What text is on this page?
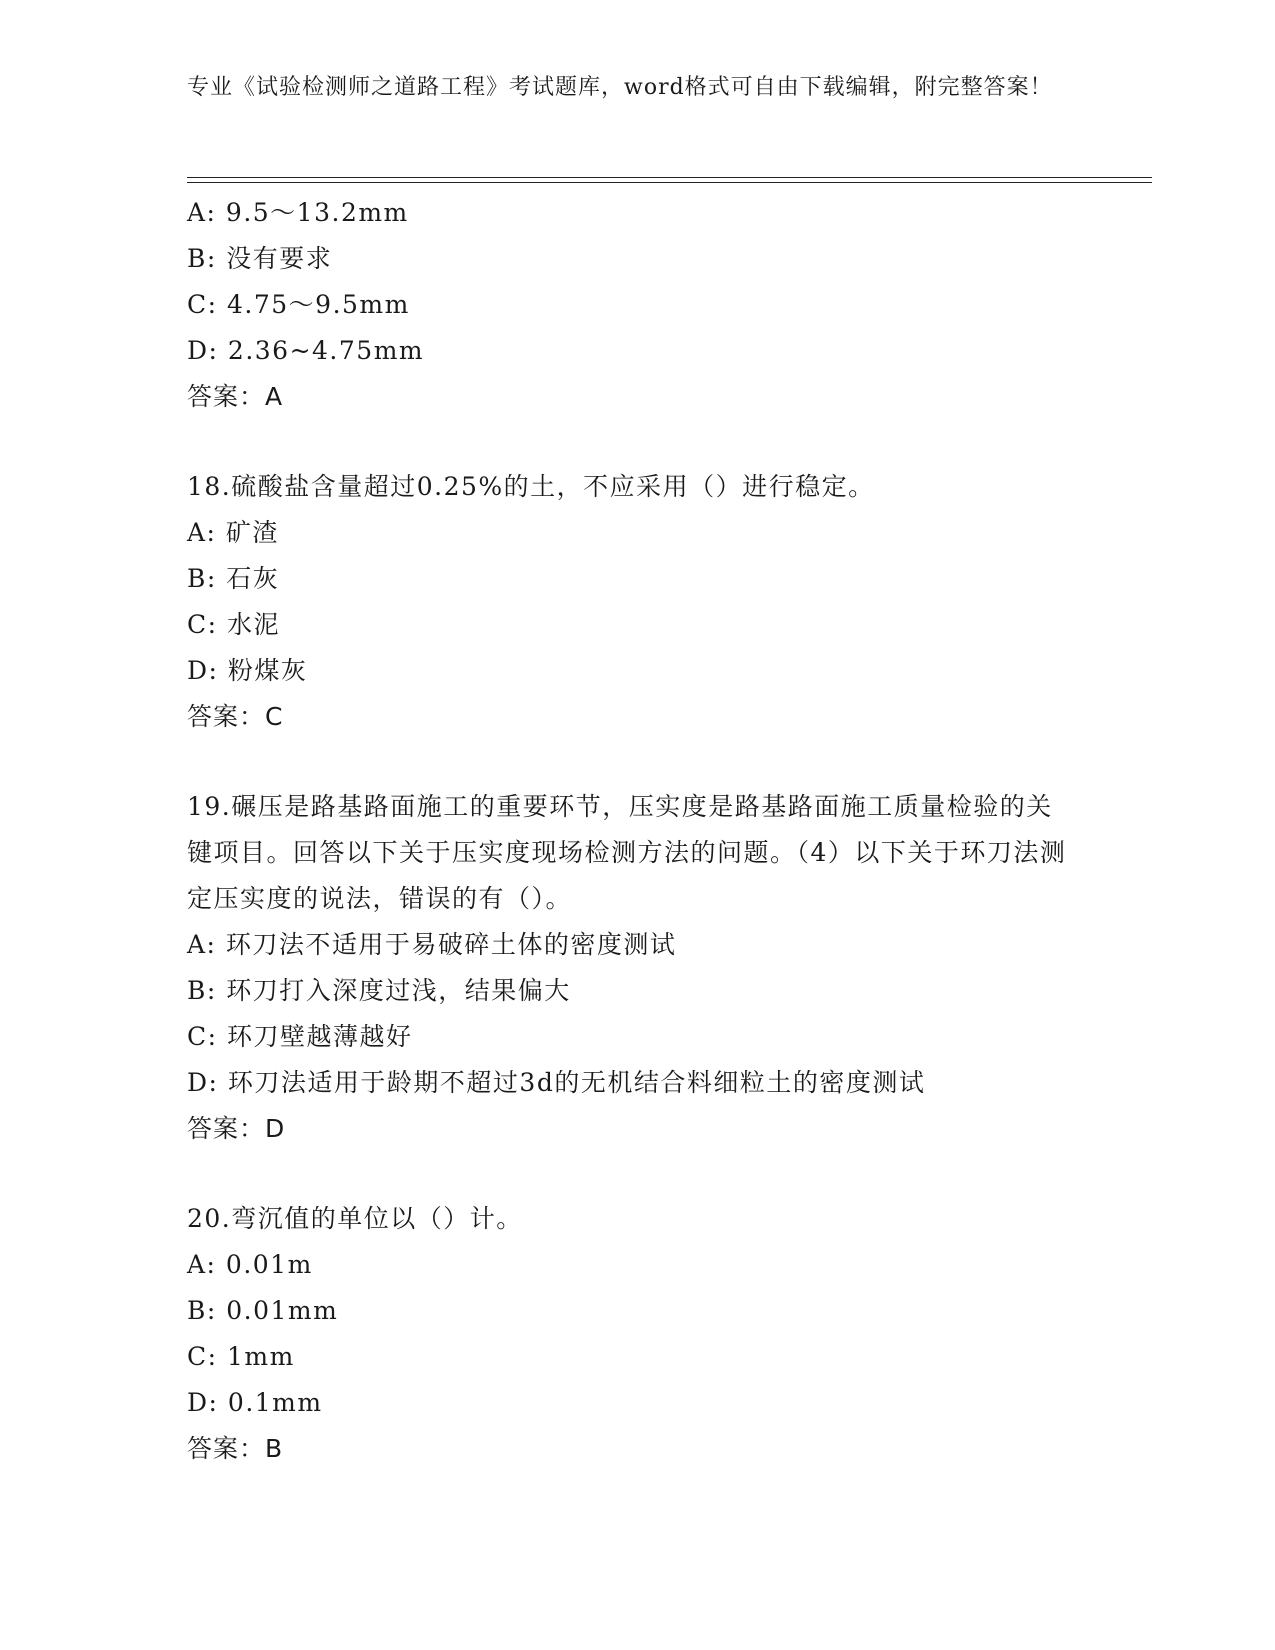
专业《试验检测师之道路工程》考试题库，word格式可自由下载编辑，附完整答案！
A: 9.5～13.2mm
B: 没有要求
C: 4.75～9.5mm
D: 2.36~4.75mm
答案：A
18.硫酸盐含量超过0.25%的土，不应采用（）进行稳定。
A: 矿渣
B: 石灰
C: 水泥
D: 粉煤灰
答案：C
19.碾压是路基路面施工的重要环节，压实度是路基路面施工质量检验的关键项目。回答以下关于压实度现场检测方法的问题。（4）以下关于环刀法测定压实度的说法，错误的有（）。
A: 环刀法不适用于易破碎土体的密度测试
B: 环刀打入深度过浅，结果偏大
C: 环刀壁越薄越好
D: 环刀法适用于龄期不超过3d的无机结合料细粒土的密度测试
答案：D
20.弯沉值的单位以（）计。
A: 0.01m
B: 0.01mm
C: 1mm
D: 0.1mm
答案：B
